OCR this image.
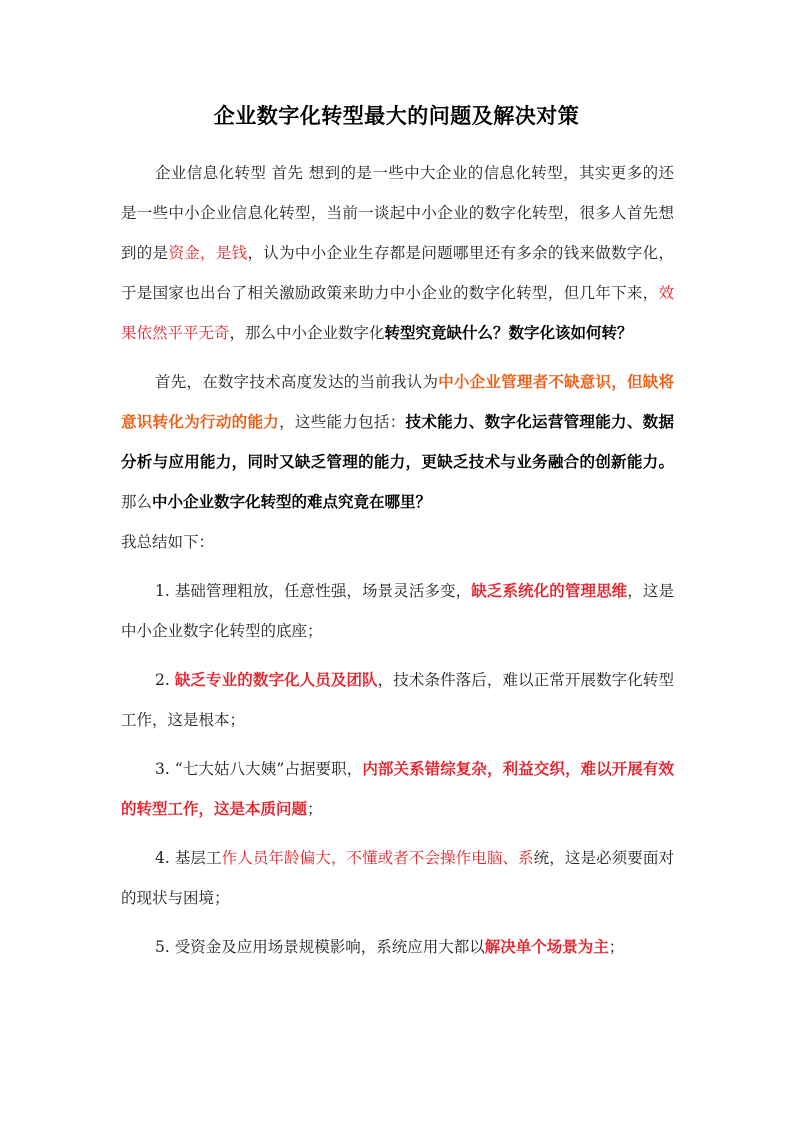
企业数字化转型最大的问题及解决对策

企业信息化转型 首先 想到的是一些中大企业的信息化转型，其实更多的还是一些中小企业信息化转型，当前一谈起中小企业的数字化转型，很多人首先想到的是资金，是钱，认为中小企业生存都是问题哪里还有多余的钱来做数字化，于是国家也出台了相关激励政策来助力中小企业的数字化转型，但几年下来，效果依然平平无奇，那么中小企业数字化转型究竟缺什么？数字化该如何转？

首先，在数字技术高度发达的当前我认为中小企业管理者不缺意识，但缺将意识转化为行动的能力，这些能力包括：技术能力、数字化运营管理能力、数据分析与应用能力，同时又缺乏管理的能力，更缺乏技术与业务融合的创新能力。那么中小企业数字化转型的难点究竟在哪里？

我总结如下：

1. 基础管理粗放，任意性强，场景灵活多变，缺乏系统化的管理思维，这是中小企业数字化转型的底座；

2. 缺乏专业的数字化人员及团队，技术条件落后，难以正常开展数字化转型工作，这是根本；

3. “七大姑八大姨”占据要职，内部关系错综复杂，利益交织，难以开展有效的转型工作，这是本质问题；

4. 基层工作人员年龄偏大，不懂或者不会操作电脑、系统，这是必须要面对的现状与困境；

5. 受资金及应用场景规模影响，系统应用大都以解决单个场景为主；
